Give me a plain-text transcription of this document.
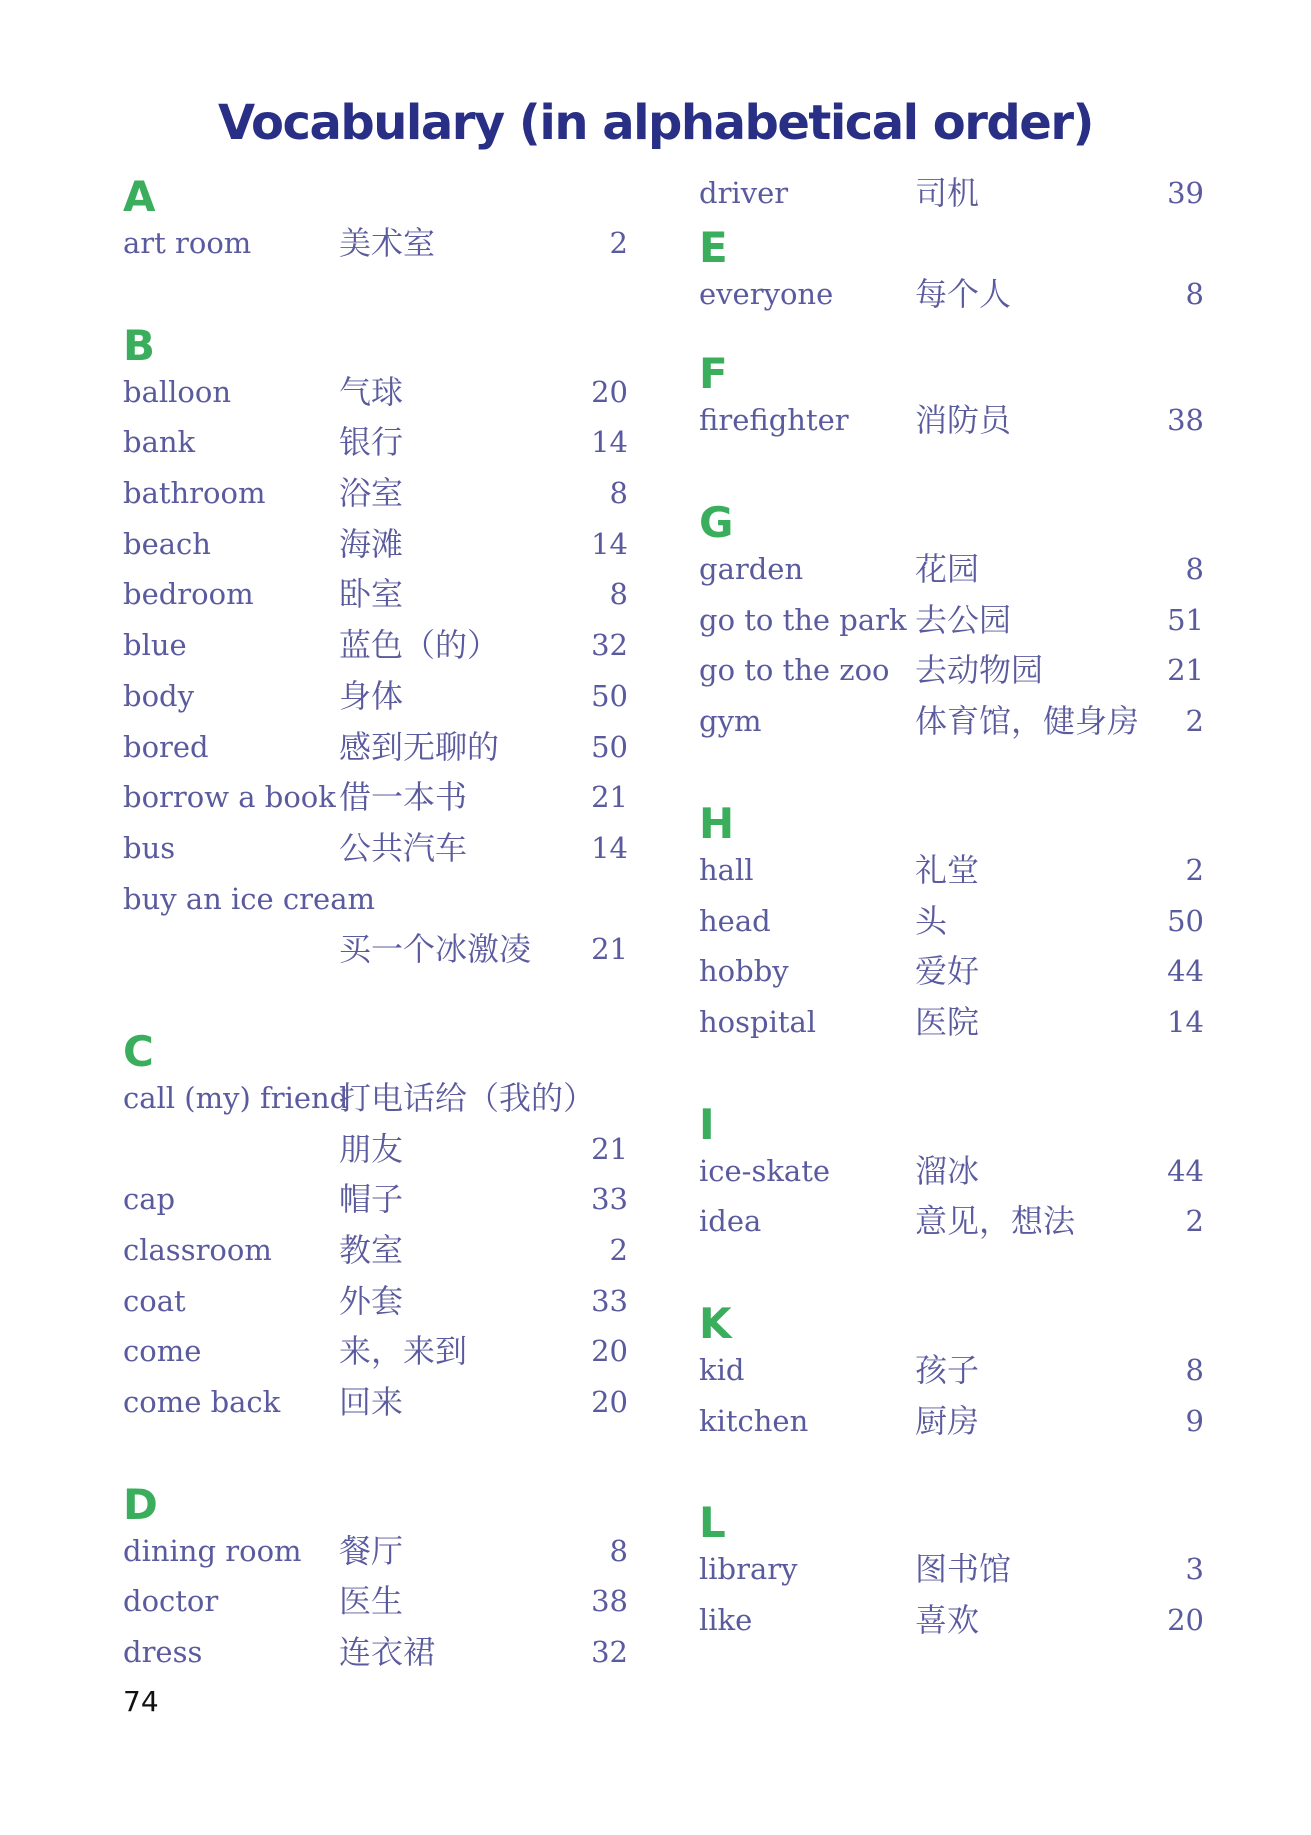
Vocabulary (in alphabetical order)
A
art room	美术室	2
B
balloon	气球	20
bank	银行	14
bathroom 浴室	8
beach	海滩	14
bedroom	卧室	8
blue	蓝色（的）	32
body	身体	50
bored	感到无聊的	50
borrow a book 借一本书	21
bus	公共汽车	14
buy an ice cream
买一个冰激凌 21
C
call (my) friend
打电话给（我的）
朋友	21
cap	帽子	33
classroom 教室	2
coat	外套	33
come	来，来到	20
come back 回来	20
D
dining room 餐厅	8
doctor	医生	38
dress	连衣裙	32
driver	司机	39
E
everyone	每个人	8
F
firefighter 消防员	38
G
garden	花园	8
go to the park 去公园	51
go to the zoo 去动物园	21
gym	体育馆，健身房 2
H
hall	礼堂	2
head	头	50
hobby	爱好	44
hospital	医院	14
I
ice-skate	溜冰	44
idea	意见，想法	2
K
kid	孩子	8
kitchen	厨房	9
L
library	图书馆	3
like	喜欢	20
74
